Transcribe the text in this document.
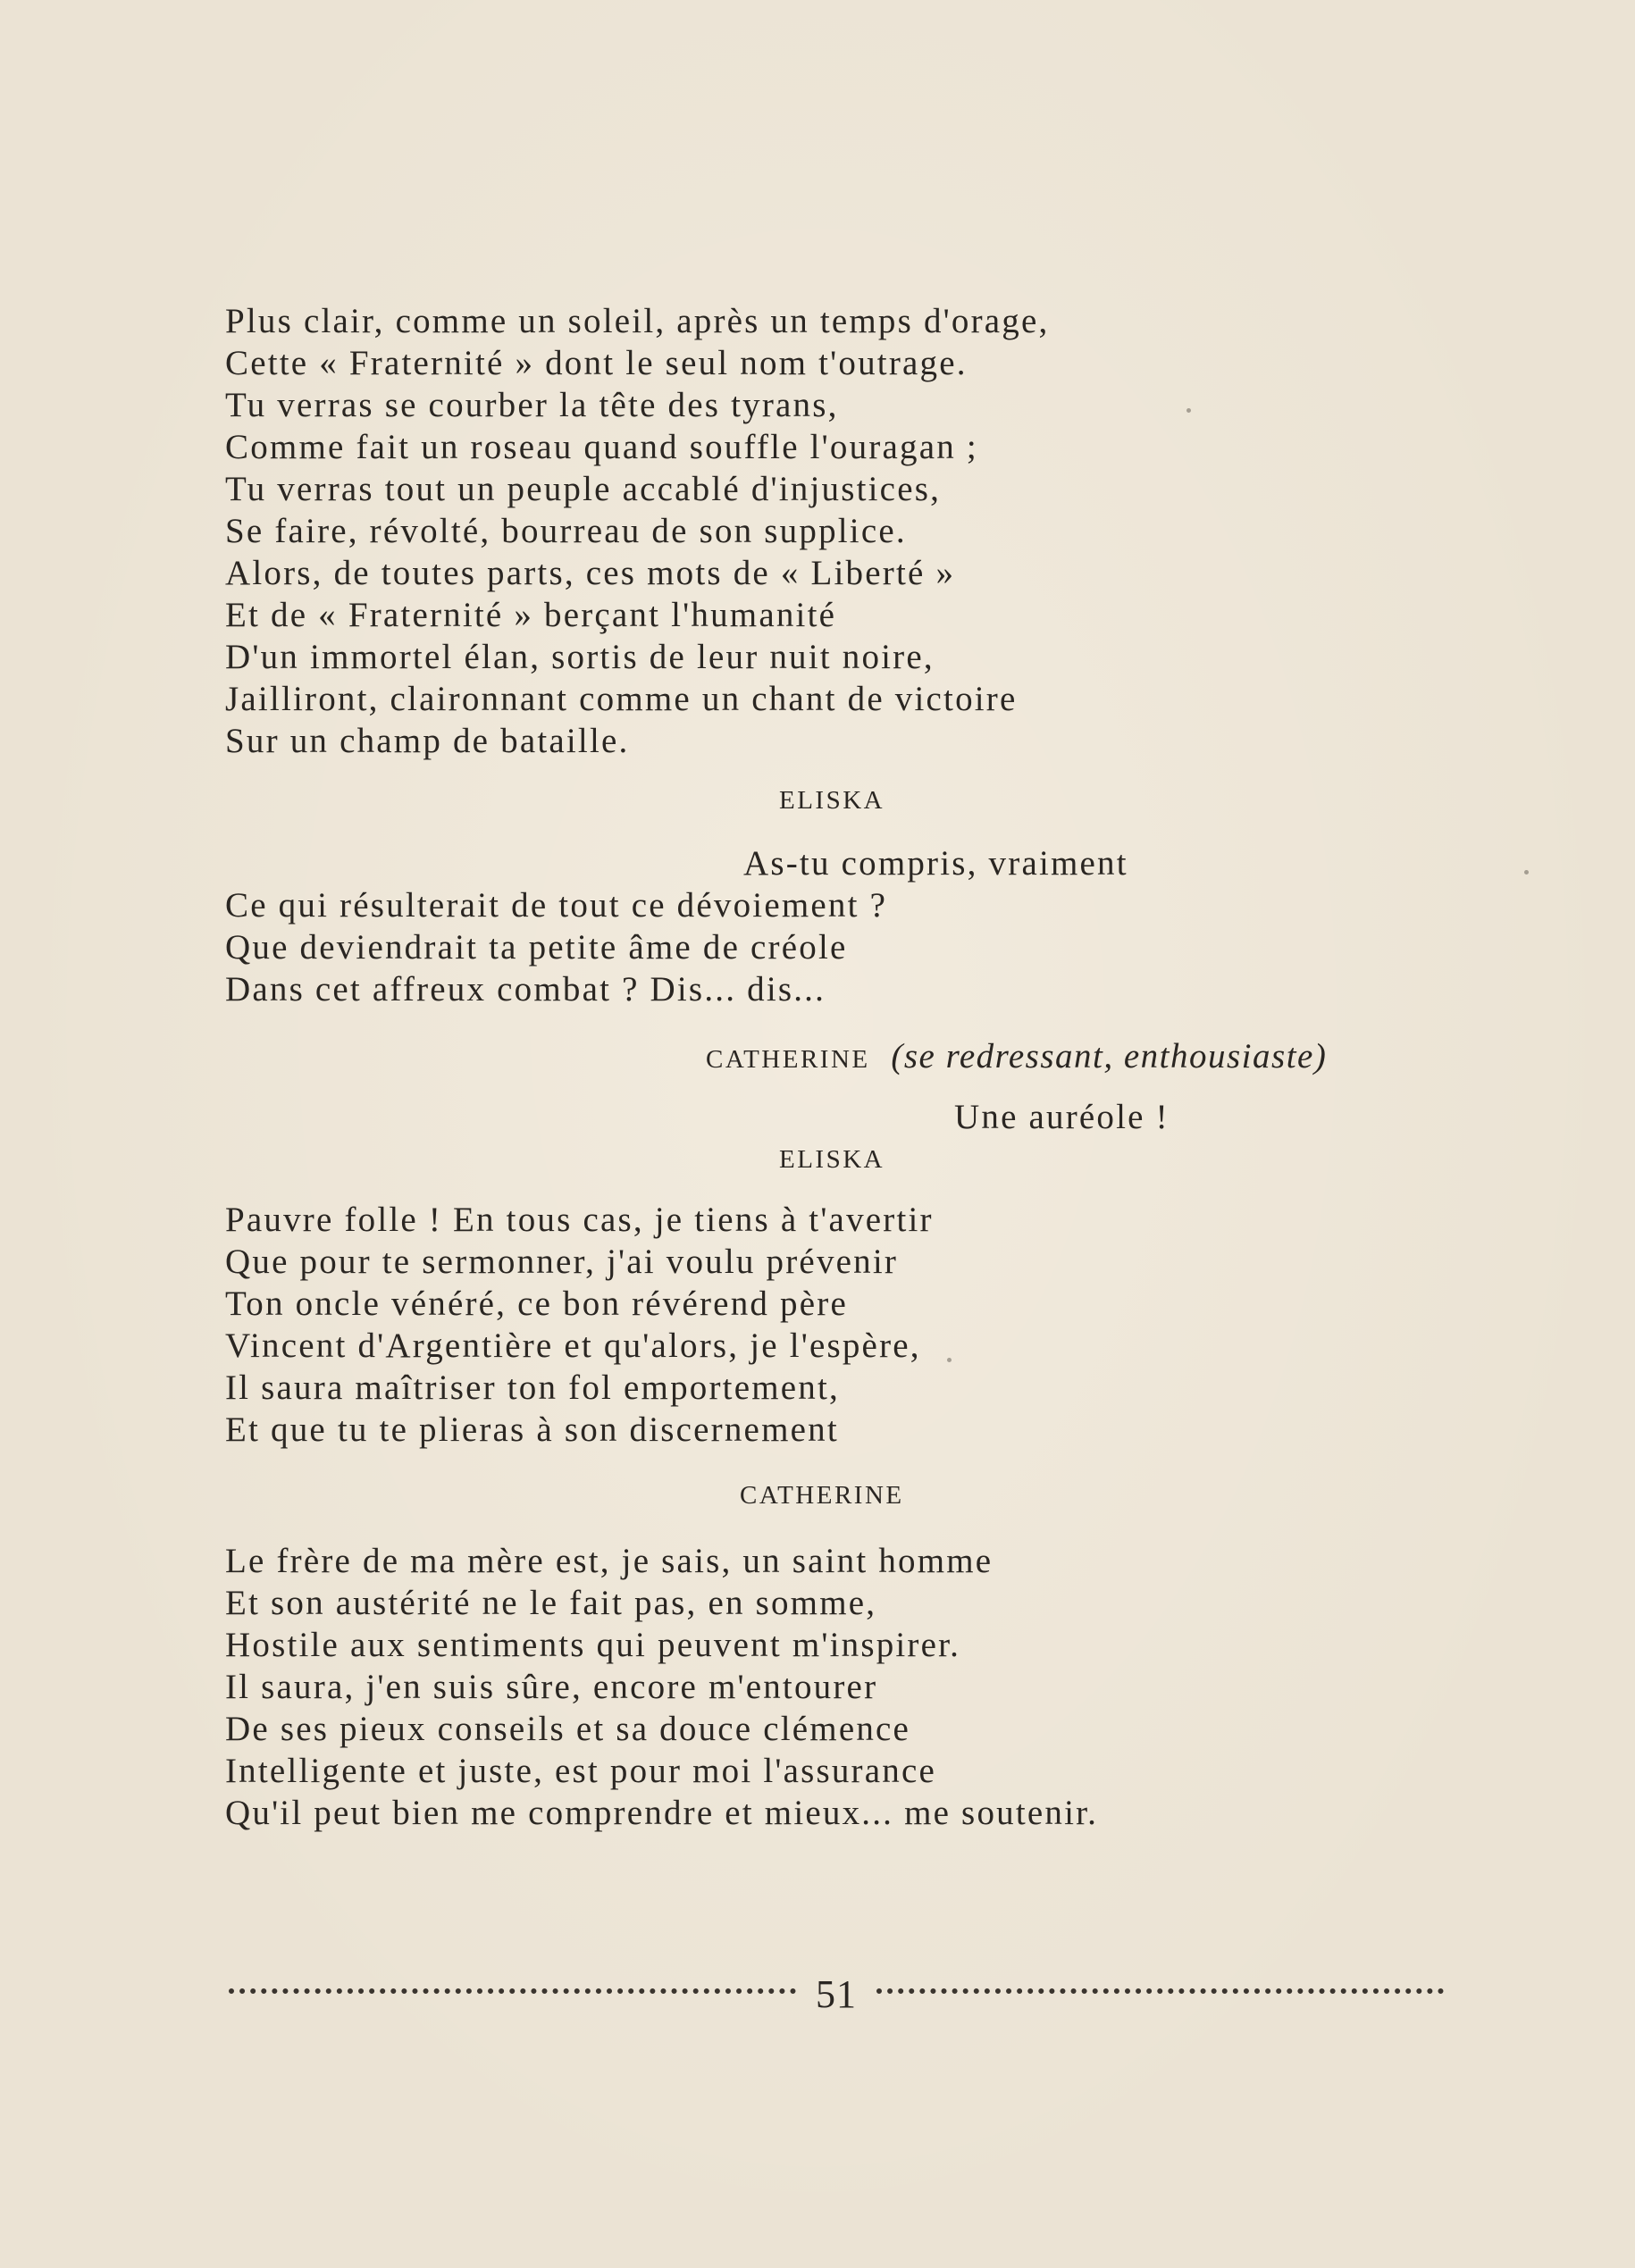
Plus clair, comme un soleil, après un temps d'orage,

Cette « Fraternité » dont le seul nom t'outrage.

Tu verras se courber la tête des tyrans,

Comme fait un roseau quand souffle l'ouragan ;

Tu verras tout un peuple accablé d'injustices,

Se faire, révolté, bourreau de son supplice.

Alors, de toutes parts, ces mots de « Liberté »

Et de « Fraternité » berçant l'humanité

D'un immortel élan, sortis de leur nuit noire,

Jailliront, claironnant comme un chant de victoire

Sur un champ de bataille.

ELISKA
As-tu compris, vraiment

Ce qui résulterait de tout ce dévoiement ?

Que deviendrait ta petite âme de créole

Dans cet affreux combat ? Dis... dis...

CATHERINE (se redressant, enthousiaste)
Une auréole !
ELISKA

Pauvre folle ! En tous cas, je tiens à t'avertir

Que pour te sermonner, j'ai voulu prévenir

Ton oncle vénéré, ce bon révérend père

Vincent d'Argentière et qu'alors, je l'espère,

Il saura maîtriser ton fol emportement,

Et que tu te plieras à son discernement

CATHERINE

Le frère de ma mère est, je sais, un saint homme

Et son austérité ne le fait pas, en somme,

Hostile aux sentiments qui peuvent m'inspirer.

Il saura, j'en suis sûre, encore m'entourer

De ses pieux conseils et sa douce clémence

Intelligente et juste, est pour moi l'assurance

Qu'il peut bien me comprendre et mieux... me soutenir.

51
